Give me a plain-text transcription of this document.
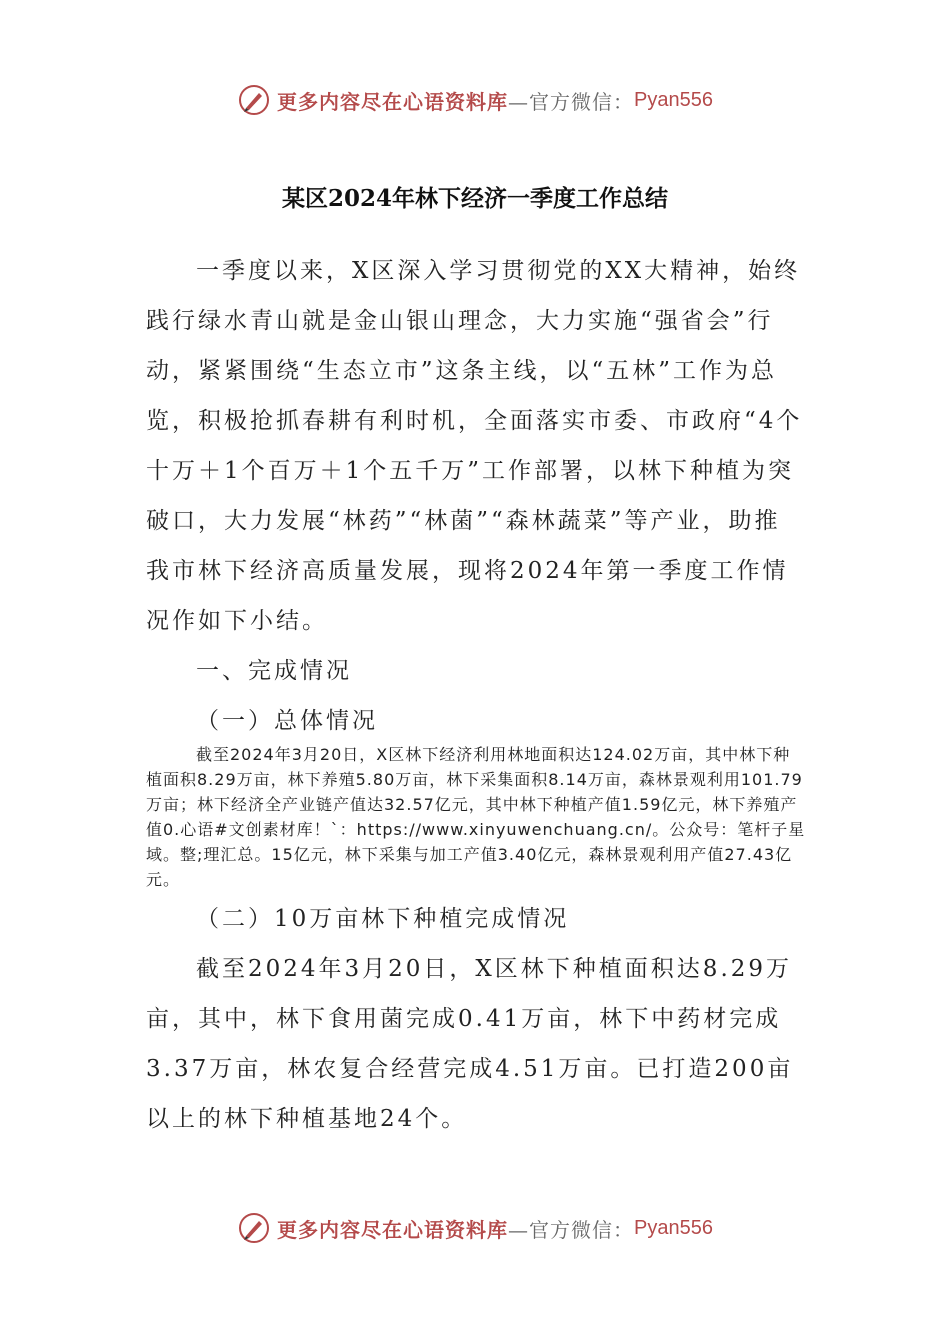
更多内容尽在心语资料库 —官方微信： Pyan556
某区2024年林下经济一季度工作总结

一季度以来，X区深入学习贯彻党的XX大精神，始终践行绿水青山就是金山银山理念，大力实施“强省会”行动，紧紧围绕“生态立市”这条主线，以“五林”工作为总览，积极抢抓春耕有利时机，全面落实市委、市政府“4个十万＋1个百万＋1个五千万”工作部署，以林下种植为突破口，大力发展“林药”“林菌”“森林蔬菜”等产业，助推我市林下经济高质量发展，现将2024年第一季度工作情况作如下小结。

一、完成情况

（一）总体情况

截至2024年3月20日，X区林下经济利用林地面积达124.02万亩，其中林下种植面积8.29万亩，林下养殖5.80万亩，林下采集面积8.14万亩，森林景观利用101.79万亩；林下经济全产业链产值达32.57亿元，其中林下种植产值1.59亿元，林下养殖产值0.心语#文创素材库！`：https://www.xinyuwenchuang.cn/。公众号：笔杆子星域。整;理汇总。15亿元，林下采集与加工产值3.40亿元，森林景观利用产值27.43亿元。

（二）10万亩林下种植完成情况

截至2024年3月20日，X区林下种植面积达8.29万亩，其中，林下食用菌完成0.41万亩，林下中药材完成3.37万亩，林农复合经营完成4.51万亩。已打造200亩以上的林下种植基地24个。

更多内容尽在心语资料库 —官方微信： Pyan556
